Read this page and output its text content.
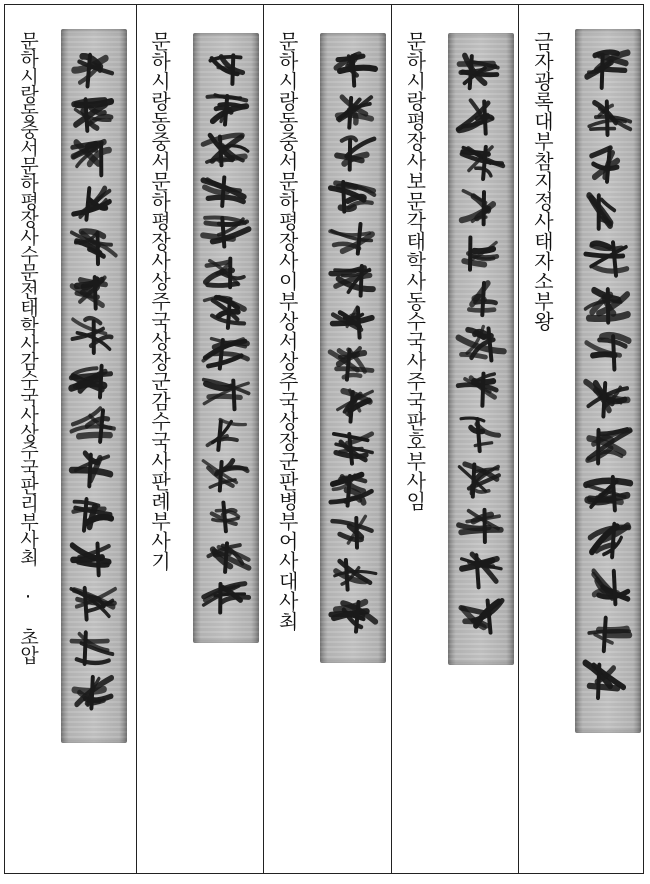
문하시랑동중서문하평장사수문전태학사감수국사상주국판리부사최 · 초압	문하시랑동중서문하평장사상주국상장군감수국사판례부사기	문하시랑동중서문하평장사이부상서상주국상장군판병부어사대사최	문하시랑평장사보문각태학사동수국사주국판호부사임	금자광록대부참지정사태자소부왕
